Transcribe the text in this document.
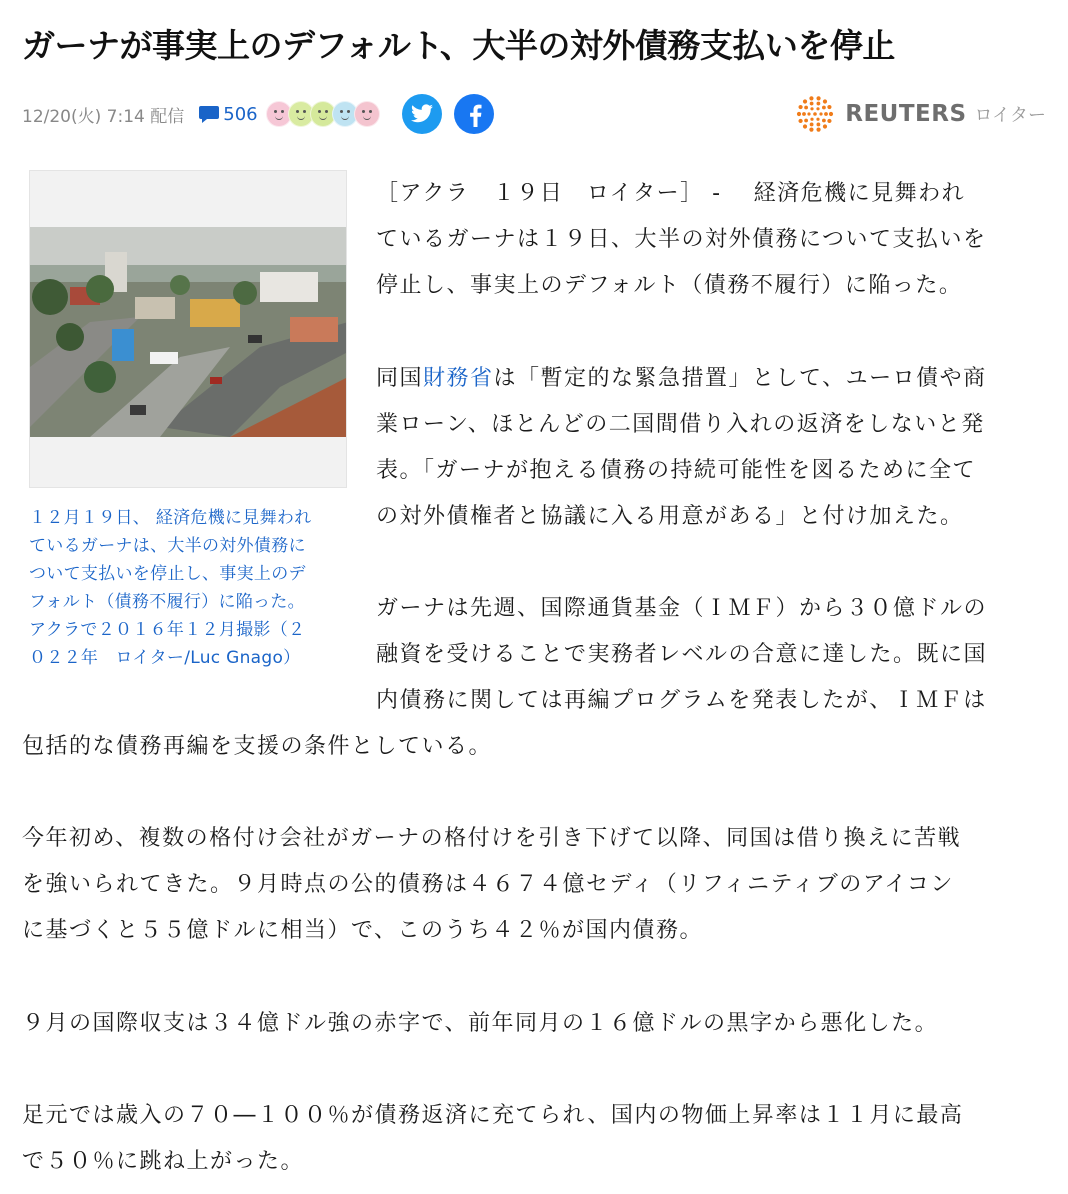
ガーナが事実上のデフォルト、大半の対外債務支払いを停止
12/20(火) 7:14 配信 506	REUTERS ロイター
１２月１９日、 経済危機に見舞われ
ているガーナは、大半の対外債務に
ついて支払いを停止し、事実上のデ
フォルト（債務不履行）に陥った。
アクラで２０１６年１２月撮影（２
０２２年　ロイター/Luc Gnago）

［アクラ　１９日　ロイター］ -　 経済危機に見舞われ
ているガーナは１９日、大半の対外債務について支払いを
停止し、事実上のデフォルト（債務不履行）に陥った。

同国財務省は「暫定的な緊急措置」として、ユーロ債や商
業ローン、ほとんどの二国間借り入れの返済をしないと発
表。「ガーナが抱える債務の持続可能性を図るために全て
の対外債権者と協議に入る用意がある」と付け加えた。

ガーナは先週、国際通貨基金（ＩＭＦ）から３０億ドルの
融資を受けることで実務者レベルの合意に達した。既に国
内債務に関しては再編プログラムを発表したが、ＩＭＦは

包括的な債務再編を支援の条件としている。

今年初め、複数の格付け会社がガーナの格付けを引き下げて以降、同国は借り換えに苦戦
を強いられてきた。９月時点の公的債務は４６７４億セディ（リフィニティブのアイコン
に基づくと５５億ドルに相当）で、このうち４２％が国内債務。

９月の国際収支は３４億ドル強の赤字で、前年同月の１６億ドルの黒字から悪化した。

足元では歳入の７０―１００％が債務返済に充てられ、国内の物価上昇率は１１月に最高
で５０％に跳ね上がった。
